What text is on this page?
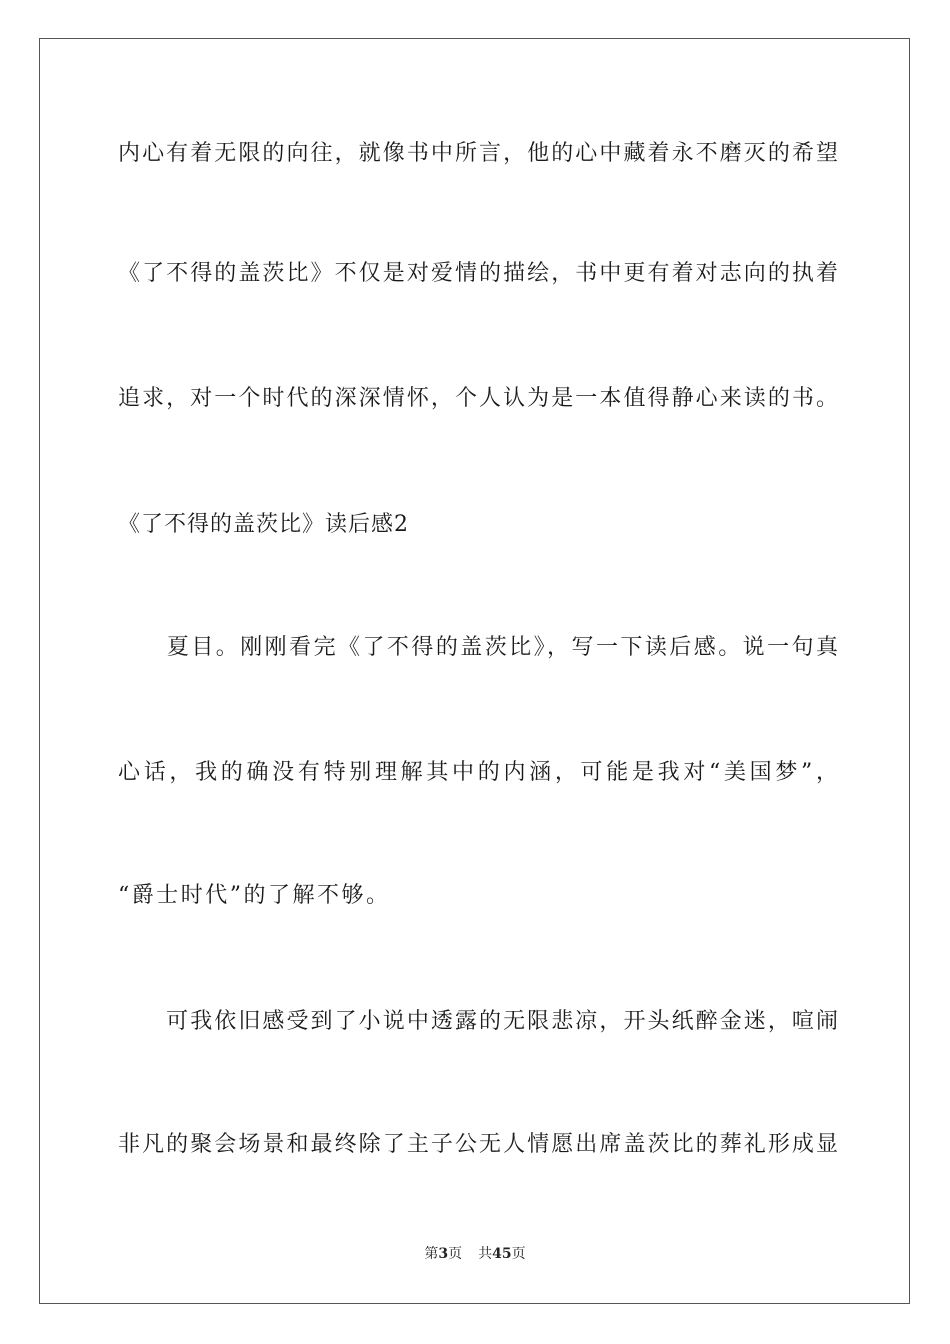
内心有着无限的向往，就像书中所言，他的心中藏着永不磨灭的希望
《了不得的盖茨比》不仅是对爱情的描绘，书中更有着对志向的执着
追求，对一个时代的深深情怀，个人认为是一本值得静心来读的书。
《了不得的盖茨比》读后感2
　　夏目。刚刚看完《了不得的盖茨比》，写一下读后感。说一句真
心话，我的确没有特别理解其中的内涵，可能是我对“美国梦”，
“爵士时代”的了解不够。
　　可我依旧感受到了小说中透露的无限悲凉，开头纸醉金迷，喧闹
非凡的聚会场景和最终除了主子公无人情愿出席盖茨比的葬礼形成显
第3页 共45页
